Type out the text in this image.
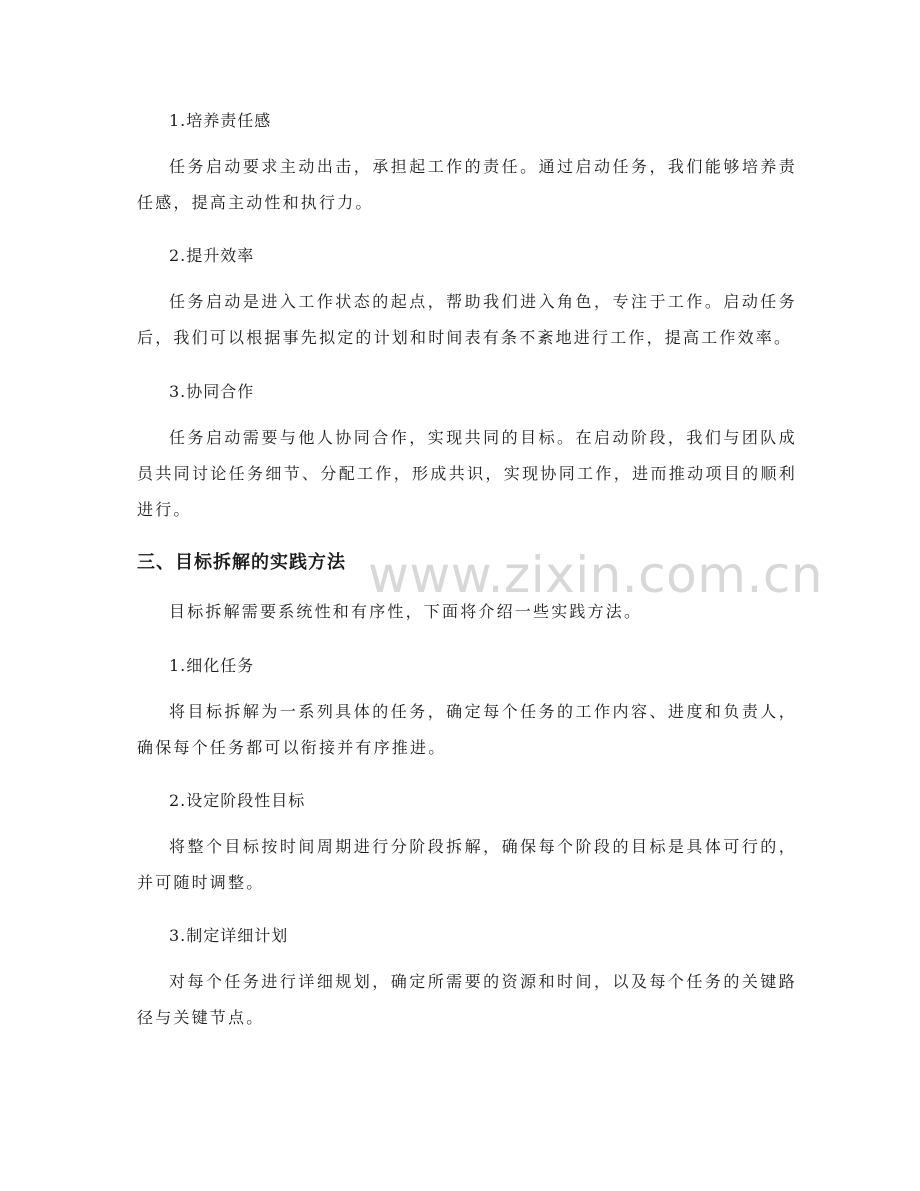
www.zixin.com.cn

1.培养责任感

任务启动要求主动出击，承担起工作的责任。通过启动任务，我们能够培养责任感，提高主动性和执行力。

2.提升效率

任务启动是进入工作状态的起点，帮助我们进入角色，专注于工作。启动任务后，我们可以根据事先拟定的计划和时间表有条不紊地进行工作，提高工作效率。

3.协同合作

任务启动需要与他人协同合作，实现共同的目标。在启动阶段，我们与团队成员共同讨论任务细节、分配工作，形成共识，实现协同工作，进而推动项目的顺利进行。

三、目标拆解的实践方法

目标拆解需要系统性和有序性，下面将介绍一些实践方法。

1.细化任务

将目标拆解为一系列具体的任务，确定每个任务的工作内容、进度和负责人，确保每个任务都可以衔接并有序推进。

2.设定阶段性目标

将整个目标按时间周期进行分阶段拆解，确保每个阶段的目标是具体可行的，并可随时调整。

3.制定详细计划

对每个任务进行详细规划，确定所需要的资源和时间，以及每个任务的关键路径与关键节点。
